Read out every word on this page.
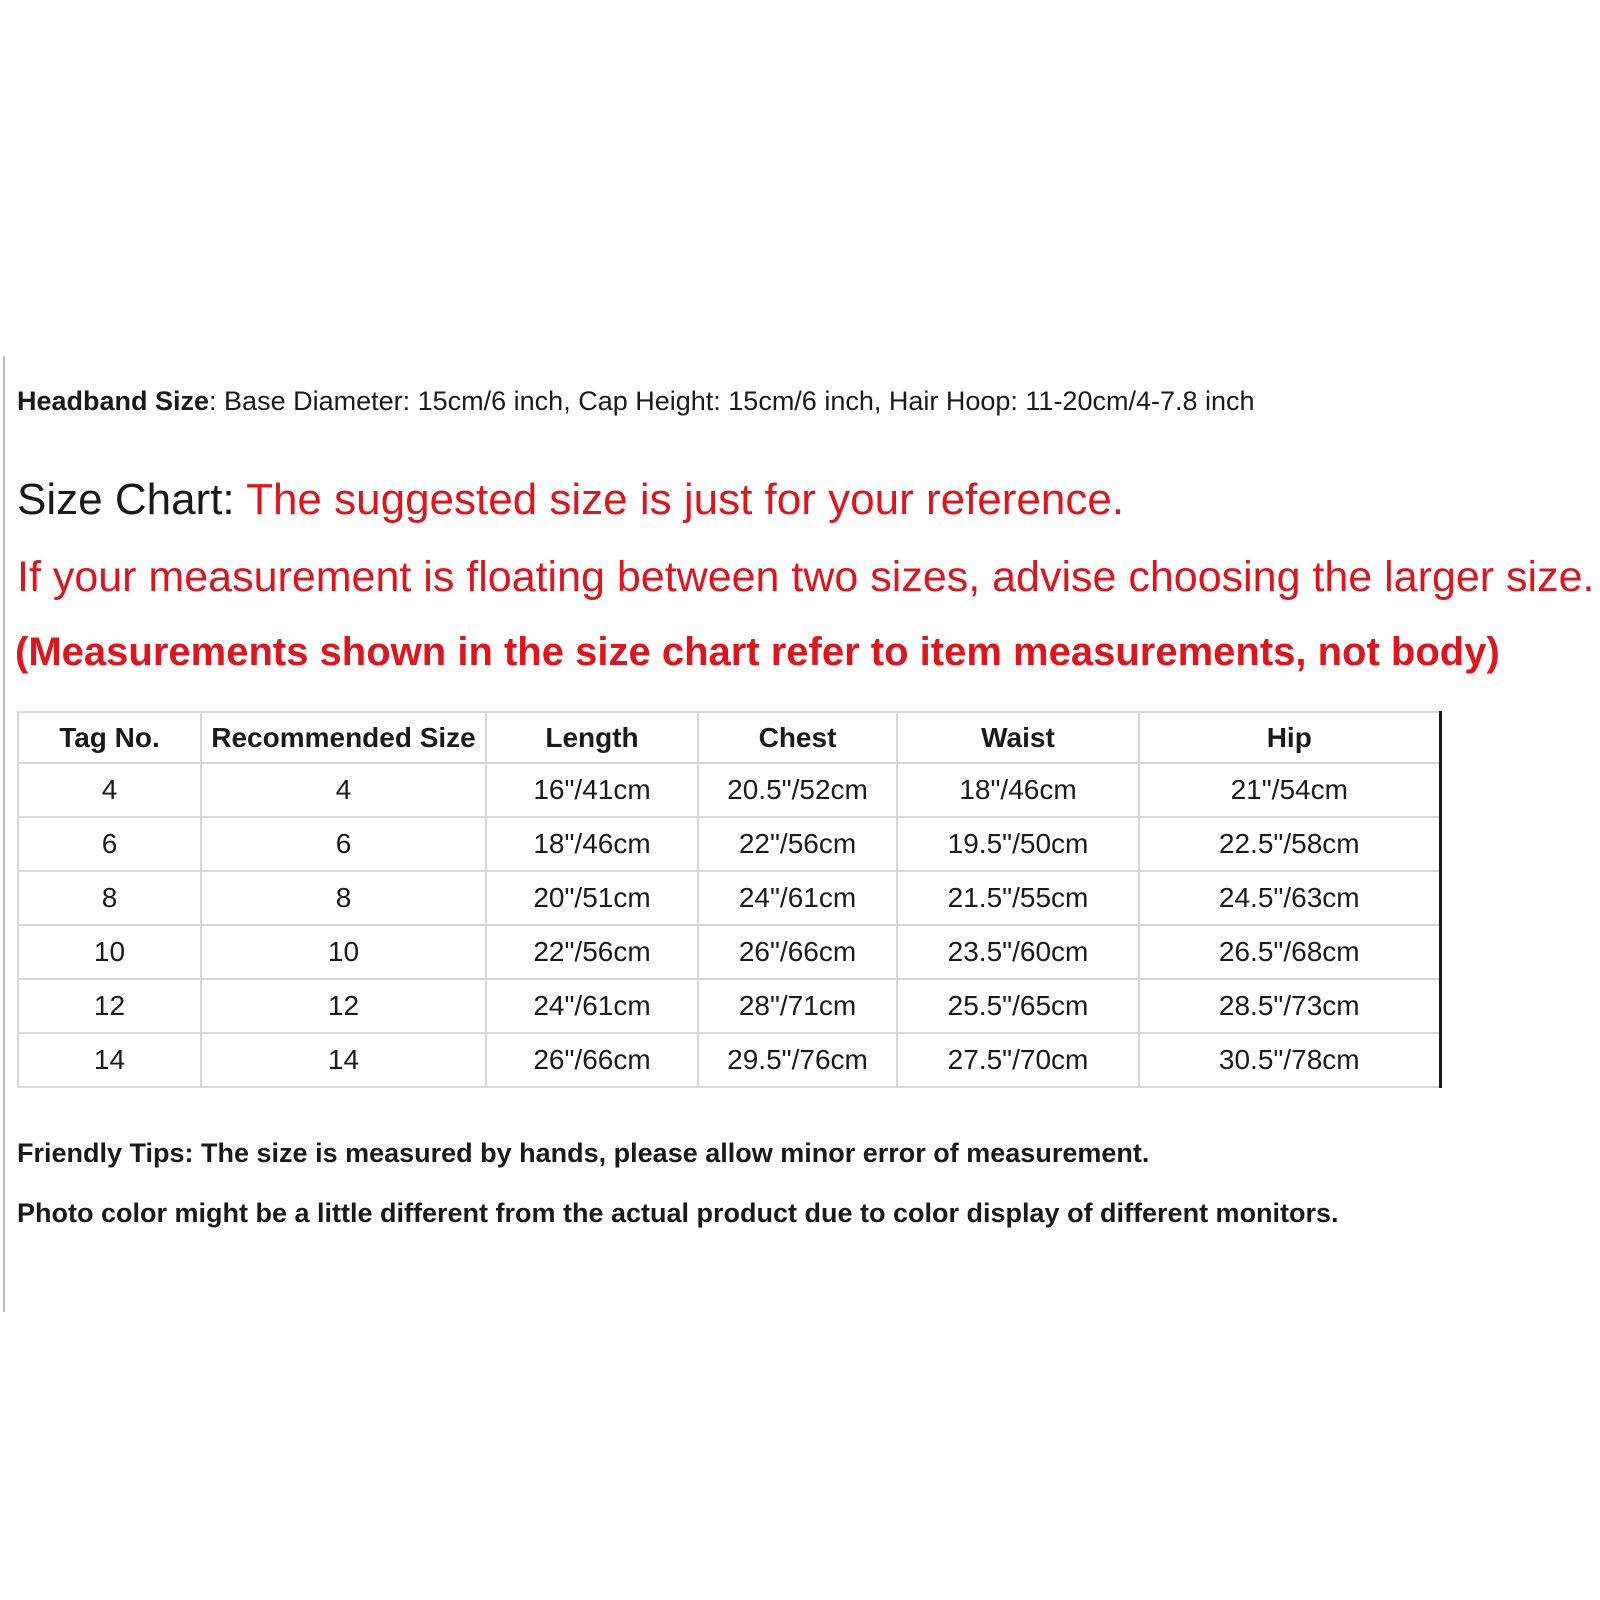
Headband Size: Base Diameter: 15cm/6 inch, Cap Height: 15cm/6 inch, Hair Hoop: 11-20cm/4-7.8 inch
Size Chart: The suggested size is just for your reference.
If your measurement is floating between two sizes, advise choosing the larger size.
(Measurements shown in the size chart refer to item measurements, not body)
Tag No.	Recommended Size	Length	Chest	Waist	Hip
4	4	16"/41cm	20.5"/52cm	18"/46cm	21"/54cm
6	6	18"/46cm	22"/56cm	19.5"/50cm	22.5"/58cm
8	8	20"/51cm	24"/61cm	21.5"/55cm	24.5"/63cm
10	10	22"/56cm	26"/66cm	23.5"/60cm	26.5"/68cm
12	12	24"/61cm	28"/71cm	25.5"/65cm	28.5"/73cm
14	14	26"/66cm	29.5"/76cm	27.5"/70cm	30.5"/78cm
Friendly Tips: The size is measured by hands, please allow minor error of measurement.
Photo color might be a little different from the actual product due to color display of different monitors.
